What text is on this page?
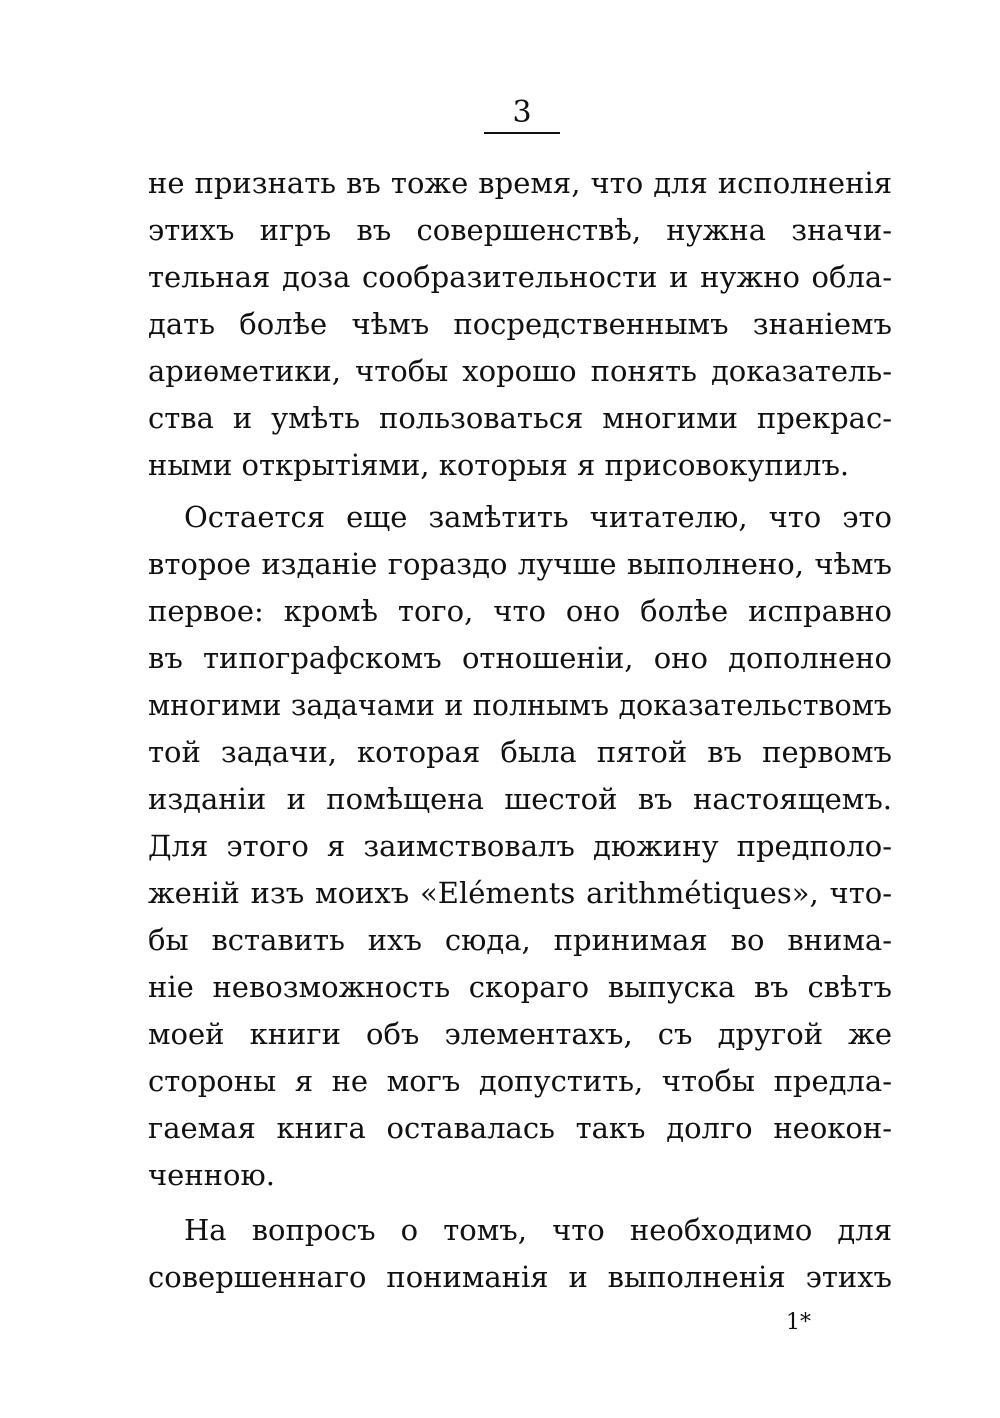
3
не признать въ тоже время, что для исполненія
этихъ игръ въ совершенствѣ, нужна значи-
тельная доза сообразительности и нужно обла-
дать болѣе чѣмъ посредственнымъ знаніемъ
ариѳметики, чтобы хорошо понять доказатель-
ства и умѣть пользоваться многими прекрас-
ными открытіями, которыя я присовокупилъ.
Остается еще замѣтить читателю, что это
второе изданіе гораздо лучше выполнено, чѣмъ
первое: кромѣ того, что оно болѣе исправно
въ типографскомъ отношеніи, оно дополнено
многими задачами и полнымъ доказательствомъ
той задачи, которая была пятой въ первомъ
изданіи и помѣщена шестой въ настоящемъ.
Для этого я заимствовалъ дюжину предполо-
женій изъ моихъ «Eléments arithmétiques», что-
бы вставить ихъ сюда, принимая во внима-
ніе невозможность скораго выпуска въ свѣтъ
моей книги объ элементахъ, съ другой же
стороны я не могъ допустить, чтобы предла-
гаемая книга оставалась такъ долго неокон-
ченною.
На вопросъ о томъ, что необходимо для
совершеннаго пониманія и выполненія этихъ
1*
